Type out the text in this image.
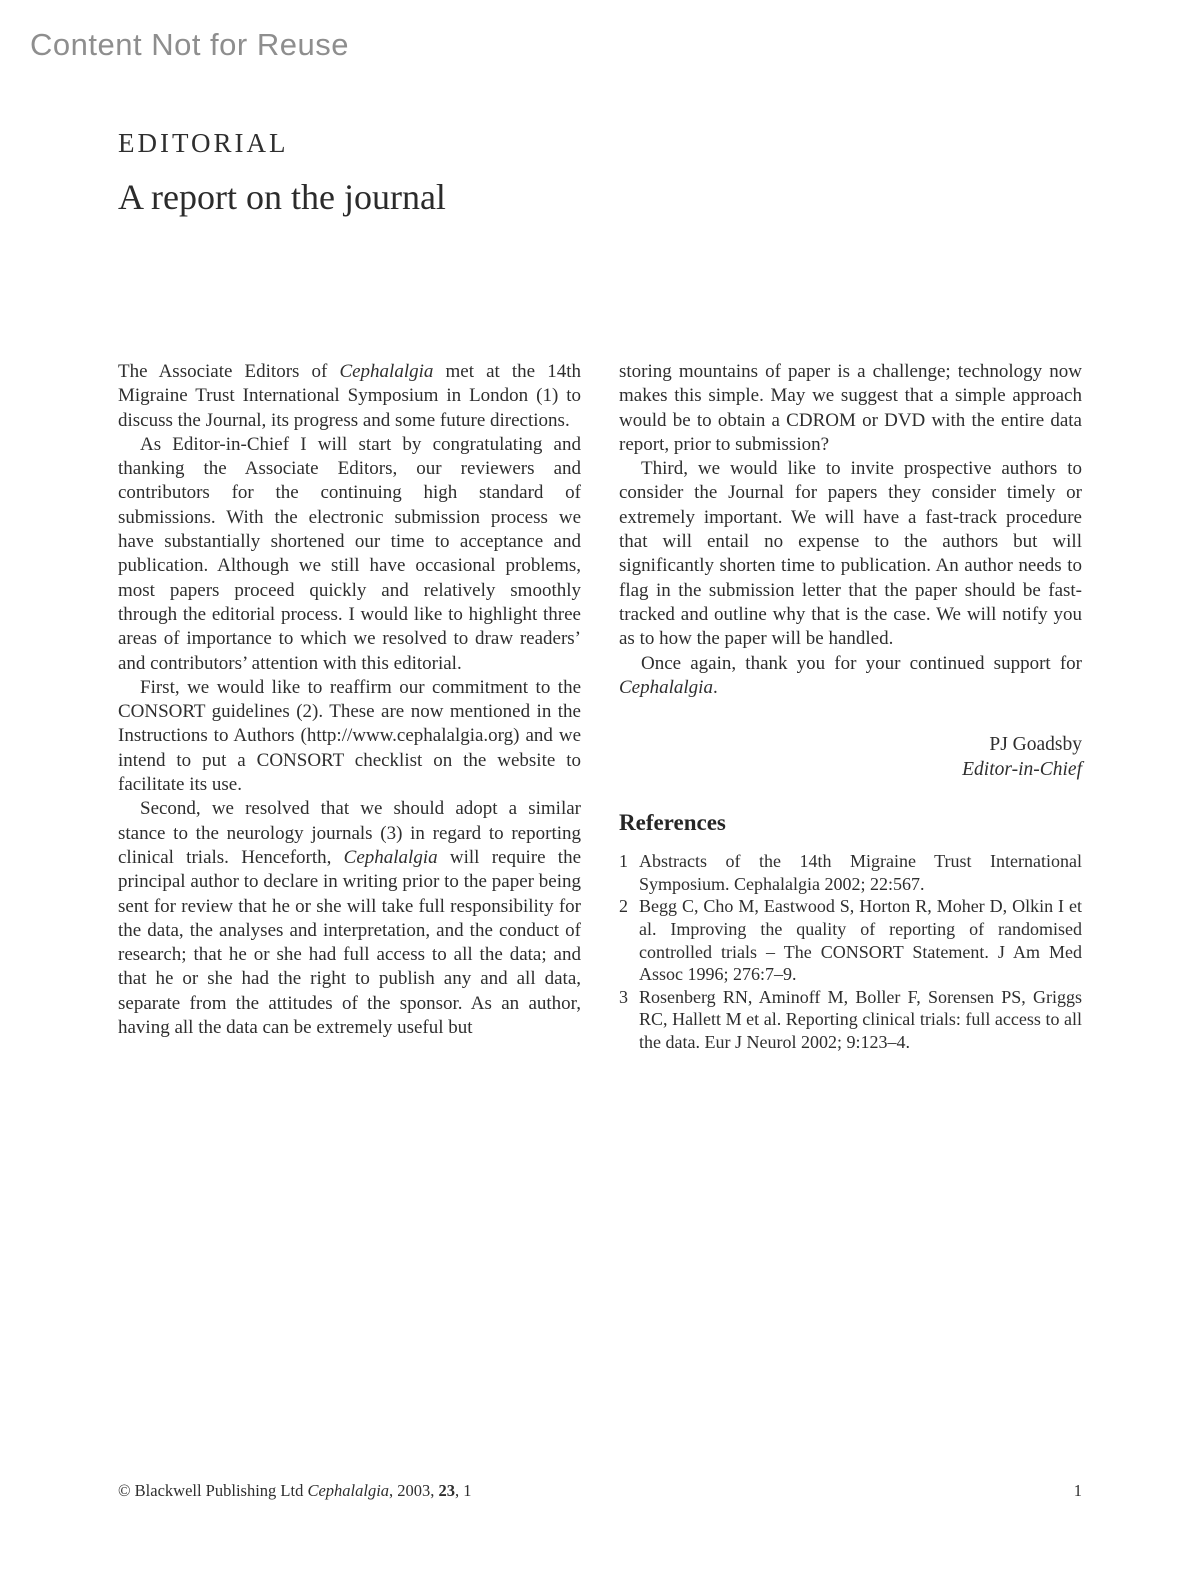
Content Not for Reuse
EDITORIAL
A report on the journal

The Associate Editors of Cephalalgia met at the 14th Migraine Trust International Symposium in London (1) to discuss the Journal, its progress and some future directions.

As Editor-in-Chief I will start by congratulating and thanking the Associate Editors, our reviewers and contributors for the continuing high standard of submissions. With the electronic submission process we have substantially shortened our time to acceptance and publication. Although we still have occasional problems, most papers proceed quickly and relatively smoothly through the editorial process. I would like to highlight three areas of importance to which we resolved to draw readers’ and contributors’ attention with this editorial.

First, we would like to reaffirm our commitment to the CONSORT guidelines (2). These are now mentioned in the Instructions to Authors (http://www.cephalalgia.org) and we intend to put a CONSORT checklist on the website to facilitate its use.

Second, we resolved that we should adopt a similar stance to the neurology journals (3) in regard to reporting clinical trials. Henceforth, Cephalalgia will require the principal author to declare in writing prior to the paper being sent for review that he or she will take full responsibility for the data, the analyses and interpretation, and the conduct of research; that he or she had full access to all the data; and that he or she had the right to publish any and all data, separate from the attitudes of the sponsor. As an author, having all the data can be extremely useful but

storing mountains of paper is a challenge; technology now makes this simple. May we suggest that a simple approach would be to obtain a CDROM or DVD with the entire data report, prior to submission?

Third, we would like to invite prospective authors to consider the Journal for papers they consider timely or extremely important. We will have a fast-track procedure that will entail no expense to the authors but will significantly shorten time to publication. An author needs to flag in the submission letter that the paper should be fast-tracked and outline why that is the case. We will notify you as to how the paper will be handled.

Once again, thank you for your continued support for Cephalalgia.

PJ Goadsby
Editor-in-Chief
References
1 Abstracts of the 14th Migraine Trust International Symposium. Cephalalgia 2002; 22:567.
2 Begg C, Cho M, Eastwood S, Horton R, Moher D, Olkin I et al. Improving the quality of reporting of randomised controlled trials – The CONSORT Statement. J Am Med Assoc 1996; 276:7–9.
3 Rosenberg RN, Aminoff M, Boller F, Sorensen PS, Griggs RC, Hallett M et al. Reporting clinical trials: full access to all the data. Eur J Neurol 2002; 9:123–4.
© Blackwell Publishing Ltd Cephalalgia, 2003, 23, 1	1
